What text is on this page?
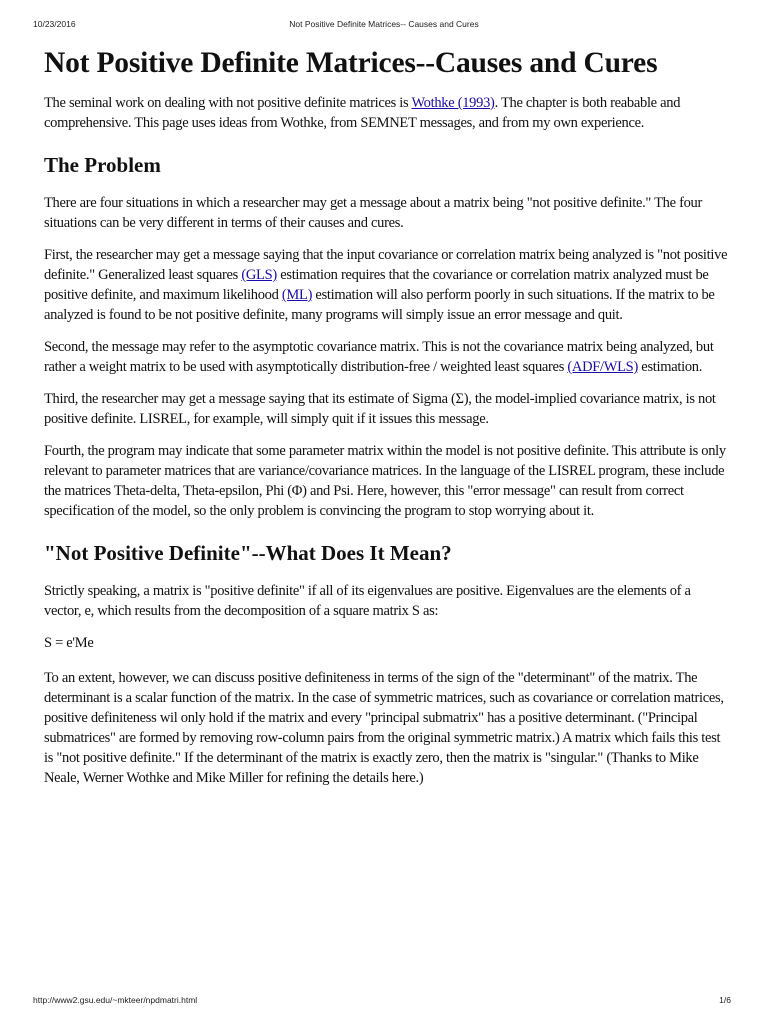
10/23/2016	Not Positive Definite Matrices-- Causes and Cures
Not Positive Definite Matrices--Causes and Cures

The seminal work on dealing with not positive definite matrices is Wothke (1993). The chapter is both reabable and comprehensive. This page uses ideas from Wothke, from SEMNET messages, and from my own experience.

The Problem

There are four situations in which a researcher may get a message about a matrix being "not positive definite." The four situations can be very different in terms of their causes and cures.

First, the researcher may get a message saying that the input covariance or correlation matrix being analyzed is "not positive definite." Generalized least squares (GLS) estimation requires that the covariance or correlation matrix analyzed must be positive definite, and maximum likelihood (ML) estimation will also perform poorly in such situations. If the matrix to be analyzed is found to be not positive definite, many programs will simply issue an error message and quit.

Second, the message may refer to the asymptotic covariance matrix. This is not the covariance matrix being analyzed, but rather a weight matrix to be used with asymptotically distribution-free / weighted least squares (ADF/WLS) estimation.

Third, the researcher may get a message saying that its estimate of Sigma (Σ), the model-implied covariance matrix, is not positive definite. LISREL, for example, will simply quit if it issues this message.

Fourth, the program may indicate that some parameter matrix within the model is not positive definite. This attribute is only relevant to parameter matrices that are variance/covariance matrices. In the language of the LISREL program, these include the matrices Theta-delta, Theta-epsilon, Phi (Φ) and Psi. Here, however, this "error message" can result from correct specification of the model, so the only problem is convincing the program to stop worrying about it.

"Not Positive Definite"--What Does It Mean?

Strictly speaking, a matrix is "positive definite" if all of its eigenvalues are positive. Eigenvalues are the elements of a vector, e, which results from the decomposition of a square matrix S as:

S = e'Me

To an extent, however, we can discuss positive definiteness in terms of the sign of the "determinant" of the matrix. The determinant is a scalar function of the matrix. In the case of symmetric matrices, such as covariance or correlation matrices, positive definiteness wil only hold if the matrix and every "principal submatrix" has a positive determinant. ("Principal submatrices" are formed by removing row-column pairs from the original symmetric matrix.) A matrix which fails this test is "not positive definite." If the determinant of the matrix is exactly zero, then the matrix is "singular." (Thanks to Mike Neale, Werner Wothke and Mike Miller for refining the details here.)

http://www2.gsu.edu/~mkteer/npdmatri.html	1/6
